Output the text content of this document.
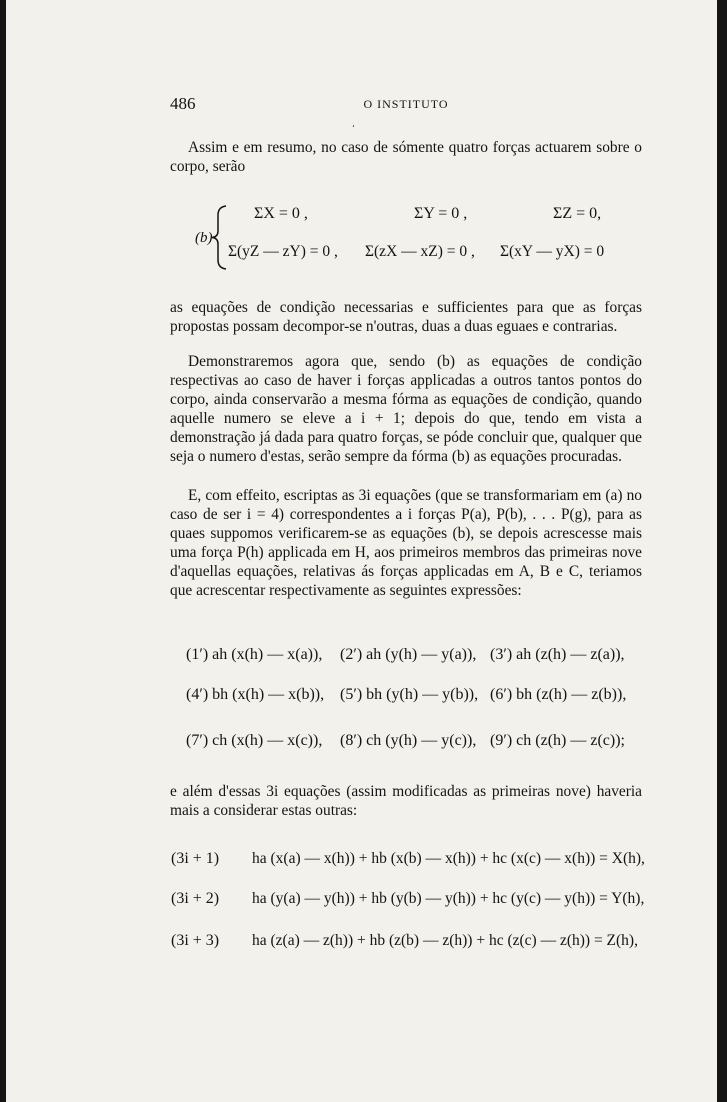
486	O INSTITUTO
ʻ

Assim e em resumo, no caso de sómente quatro forças actuarem sobre o corpo, serão

(b)
ΣX = 0 ,	ΣY = 0 ,	ΣZ = 0,
Σ(yZ — zY) = 0 , Σ(zX — xZ) = 0 , Σ(xY — yX) = 0

as equações de condição necessarias e sufficientes para que as forças propostas possam decompor-se n'outras, duas a duas eguaes e contrarias.

Demonstraremos agora que, sendo (b) as equações de condição respectivas ao caso de haver i forças applicadas a outros tantos pontos do corpo, ainda conservarão a mesma fórma as equações de condição, quando aquelle numero se eleve a i + 1; depois do que, tendo em vista a demonstração já dada para quatro forças, se póde concluir que, qualquer que seja o numero d'estas, serão sempre da fórma (b) as equações procuradas.

E, com effeito, escriptas as 3i equações (que se transformariam em (a) no caso de ser i = 4) correspondentes a i forças P(a), P(b), . . . P(g), para as quaes suppomos verificarem-se as equações (b), se depois acrescesse mais uma força P(h) applicada em H, aos primeiros membros das primeiras nove d'aquellas equações, relativas ás forças applicadas em A, B e C, teriamos que acrescentar respectivamente as seguintes expressões:

(1′) ah (x(h) — x(a)), (2′) ah (y(h) — y(a)), (3′) ah (z(h) — z(a)),
(4′) bh (x(h) — x(b)), (5′) bh (y(h) — y(b)), (6′) bh (z(h) — z(b)),
(7′) ch (x(h) — x(c)), (8′) ch (y(h) — y(c)), (9′) ch (z(h) — z(c));

e além d'essas 3i equações (assim modificadas as primeiras nove) haveria mais a considerar estas outras:

(3i + 1) ha (x(a) — x(h)) + hb (x(b) — x(h)) + hc (x(c) — x(h)) = X(h),
(3i + 2) ha (y(a) — y(h)) + hb (y(b) — y(h)) + hc (y(c) — y(h)) = Y(h),
(3i + 3) ha (z(a) — z(h)) + hb (z(b) — z(h)) + hc (z(c) — z(h)) = Z(h),
